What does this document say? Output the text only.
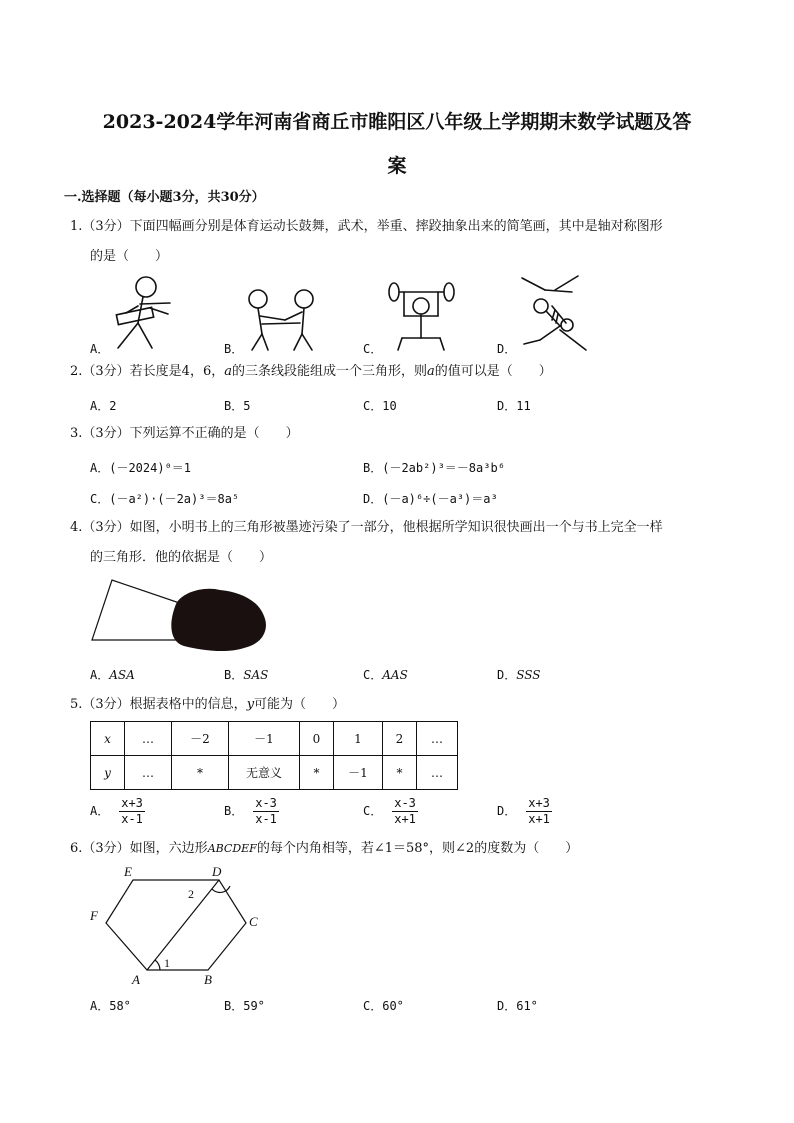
2023-2024学年河南省商丘市睢阳区八年级上学期期末数学试题及答
案
一.选择题（每小题3分，共30分）
1.（3分）下面四幅画分别是体育运动长鼓舞，武术，举重、摔跤抽象出来的简笔画，其中是轴对称图形
的是（　　）
A．	B．	C．	D．
2.（3分）若长度是4，6，a的三条线段能组成一个三角形，则a的值可以是（　　）
A．2	B．5	C．10	D．11
3.（3分）下列运算不正确的是（　　）
A．(－2024)⁰＝1	B．(－2ab²)³＝－8a³b⁶
C．(－a²)·(－2a)³＝8a⁵	D．(－a)⁶÷(－a³)＝a³
4.（3分）如图，小明书上的三角形被墨迹污染了一部分，他根据所学知识很快画出一个与书上完全一样
的三角形．他的依据是（　　）
A．ASA	B．SAS	C．AAS	D．SSS
5.（3分）根据表格中的信息，y可能为（　　）
x	…	－2	－1	0	1	2	…
y	…	*	无意义	*	－1	*	…
A． $\frac{x+3}{x-1}$	B． $\frac{x-3}{x-1}$	C． $\frac{x-3}{x+1}$	D． $\frac{x+3}{x+1}$
6.（3分）如图，六边形ABCDEF的每个内角相等，若∠1＝58°，则∠2的度数为（　　）
E	D
F	C
A	B
1
2
A．58°	B．59°	C．60°	D．61°
